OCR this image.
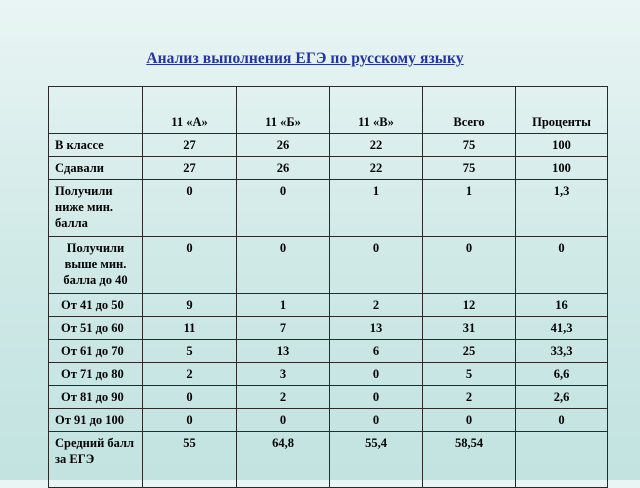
Анализ выполнения ЕГЭ по русскому языку
	11 «А»	11 «Б»	11 «В»	Всего	Проценты
В классе	27	26	22	75	100
Сдавали	27	26	22	75	100
Получили ниже мин. балла	0	0	1	1	1,3
Получили выше мин. балла до 40	0	0	0	0	0
От 41 до 50	9	1	2	12	16
От 51 до 60	11	7	13	31	41,3
От 61 до 70	5	13	6	25	33,3
От 71 до 80	2	3	0	5	6,6
От 81 до 90	0	2	0	2	2,6
От 91 до 100	0	0	0	0	0
Средний балл за ЕГЭ	55	64,8	55,4	58,54	
